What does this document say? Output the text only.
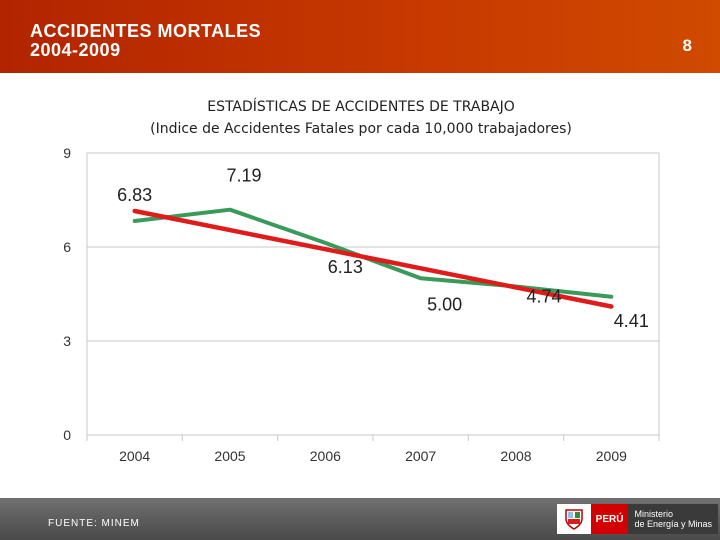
ACCIDENTES MORTALES
2004-2009	8
ESTADÍSTICAS DE ACCIDENTES DE TRABAJO
(Indice de Accidentes Fatales por cada 10,000 trabajadores)
9
6
3
0
2004	2005	2006	2007	2008	2009
6.83
7.19
6.13
5.00	4.74
4.41
FUENTE: MINEM	PERÚ	Ministerio
de Energía y Minas
